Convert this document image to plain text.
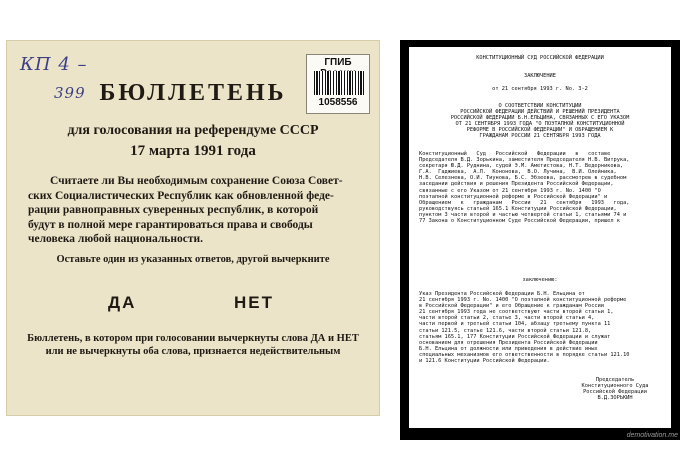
КП 4 –
399
ГПИБ
1058556
БЮЛЛЕТЕНЬ
для голосования на референдуме СССР
17 марта 1991 года
Считаете ли Вы необходимым сохранение Союза Совет-
ских Социалистических Республик как обновленной феде-
рации равноправных суверенных республик, в которой
будут в полной мере гарантироваться права и свободы
человека любой национальности.
Оставьте один из указанных ответов, другой вычеркните
ДА	НЕТ
Бюллетень, в котором при голосовании вычеркнуты слова ДА и НЕТ
или не вычеркнуты оба слова, признается недействительным
КОНСТИТУЦИОННЫЙ СУД РОССИЙСКОЙ ФЕДЕРАЦИИ
ЗАКЛЮЧЕНИЕ
от 21 сентября 1993 г. No. З-2
О СООТВЕТСТВИИ КОНСТИТУЦИИ
РОССИЙСКОЙ ФЕДЕРАЦИИ ДЕЙСТВИЙ И РЕШЕНИЙ ПРЕЗИДЕНТА
РОССИЙСКОЙ ФЕДЕРАЦИИ Б.Н.ЕЛЬЦИНА, СВЯЗАННЫХ С ЕГО УКАЗОМ
ОТ 21 СЕНТЯБРЯ 1993 ГОДА "О ПОЭТАПНОЙ КОНСТИТУЦИОННОЙ
РЕФОРМЕ В РОССИЙСКОЙ ФЕДЕРАЦИИ" И ОБРАЩЕНИЕМ К
ГРАЖДАНАМ РОССИИ 21 СЕНТЯБРЯ 1993 ГОДА
Конституционный   Суд   Российской   Федерации   в   составе
Председателя В.Д. Зорькина, заместителя Председателя Н.В. Витрука,
секретаря Ю.Д. Руднина, судей Э.М. Аметистова, Н.Т. Ведерникова,
Г.А.  Гаджиева,  А.Л.  Кононова,  В.О. Лучина,  В.И. Олейника,
Н.В. Селезнева, О.И. Тиунова, Б.С. Эбзеева, рассмотрев в судебном
заседании действия и решения Президента Российской Федерации,
связанные с его Указом от 21 сентября 1993 г. No. 1400 "О
поэтапной конституционной реформе в Российской Федерации" и
Обращением   к   гражданам   России   21   сентября   1993   года,
руководствуясь статьей 165.1 Конституции Российской Федерации,
пунктом 3 части второй и частью четвертой статьи 1, статьями 74 и
77 Закона о Конституционном Суде Российской Федерации, пришел к
заключению:
Указ Президента Российской Федерации Б.Н. Ельцина от
21 сентября 1993 г. No. 1400 "О поэтапной конституционной реформе
в Российской Федерации" и его Обращение к гражданам России
21 сентября 1993 года не соответствуют части второй статьи 1,
части второй статьи 2, статье 3, части второй статьи 4,
части первой и третьей статьи 104, абзацу третьему пункта 11
статьи 121.5, статье 121.6, части второй статьи 121.8,
статьям 165.1, 177 Конституции Российской Федерации и служат
основанием для отрешения Президента Российской Федерации
Б.Н. Ельцина от должности или приведения в действие иных
специальных механизмов его ответственности в порядке статьи 121.10
и 121.6 Конституции Российской Федерации.
Председатель
Конституционного Суда
Российской Федерации
В.Д.ЗОРЬКИН
demotivation.me
